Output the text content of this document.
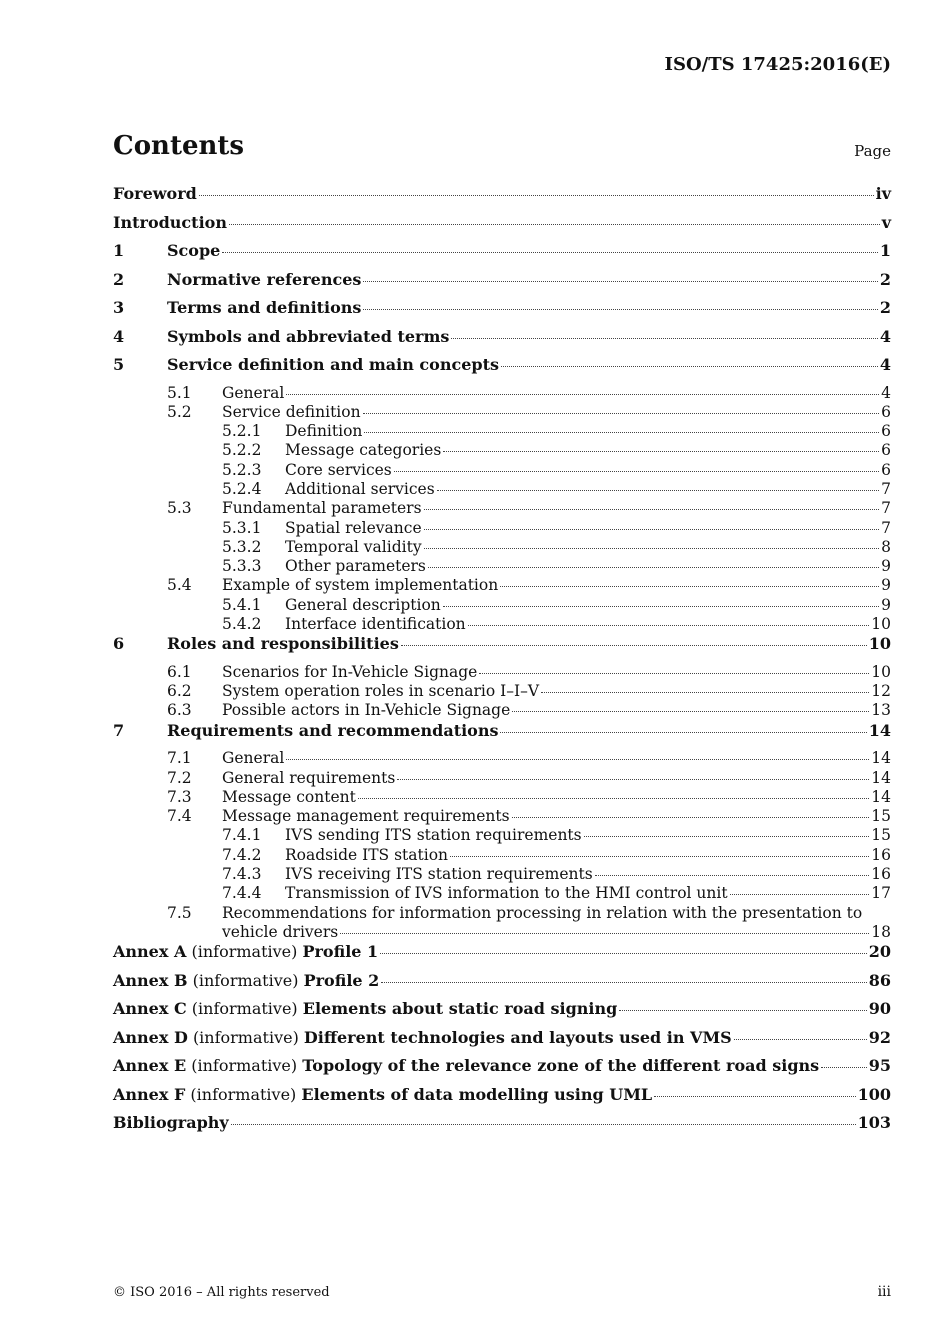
ISO/TS 17425:2016(E)
Contents	Page
Foreword	iv
Introduction	v
1	Scope	1
2	Normative references	2
3	Terms and definitions	2
4	Symbols and abbreviated terms	4
5	Service definition and main concepts	4
5.1 General	4
5.2 Service definition	6
5.2.1 Definition	6
5.2.2 Message categories	6
5.2.3 Core services	6
5.2.4 Additional services	7
5.3 Fundamental parameters	7
5.3.1 Spatial relevance	7
5.3.2 Temporal validity	8
5.3.3 Other parameters	9
5.4 Example of system implementation	9
5.4.1 General description	9
5.4.2 Interface identification	10
6	Roles and responsibilities	10
6.1 Scenarios for In-Vehicle Signage	10
6.2 System operation roles in scenario I–I–V	12
6.3 Possible actors in In-Vehicle Signage	13
7	Requirements and recommendations	14
7.1 General	14
7.2 General requirements	14
7.3 Message content	14
7.4 Message management requirements	15
7.4.1 IVS sending ITS station requirements	15
7.4.2 Roadside ITS station	16
7.4.3 IVS receiving ITS station requirements	16
7.4.4 Transmission of IVS information to the HMI control unit	17
7.5 Recommendations for information processing in relation with the presentation to
vehicle drivers	18
Annex A (informative) Profile 1	20
Annex B (informative) Profile 2	86
Annex C (informative) Elements about static road signing	90
Annex D (informative) Different technologies and layouts used in VMS	92
Annex E (informative) Topology of the relevance zone of the different road signs	95
Annex F (informative) Elements of data modelling using UML	100
Bibliography	103
© ISO 2016 – All rights reserved	iii
